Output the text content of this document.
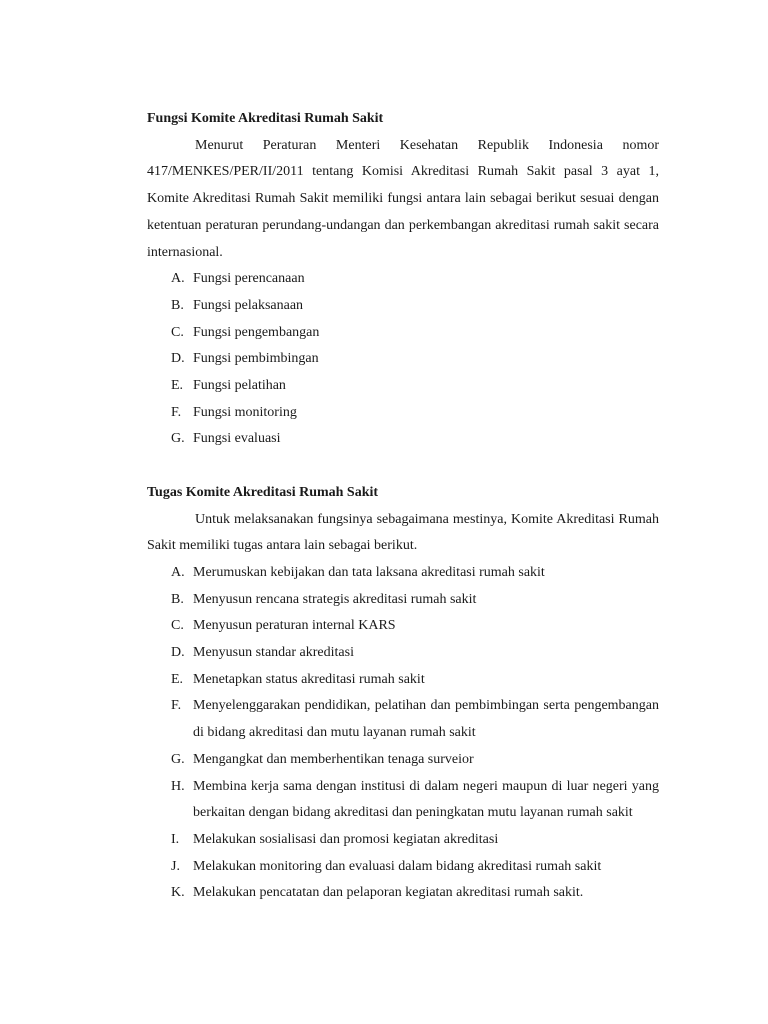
Fungsi Komite Akreditasi Rumah Sakit

Menurut Peraturan Menteri Kesehatan Republik Indonesia nomor 417/MENKES/PER/II/2011 tentang Komisi Akreditasi Rumah Sakit pasal 3 ayat 1, Komite Akreditasi Rumah Sakit memiliki fungsi antara lain sebagai berikut sesuai dengan ketentuan peraturan perundang-undangan dan perkembangan akreditasi rumah sakit secara internasional.

A. Fungsi perencanaan
B. Fungsi pelaksanaan
C. Fungsi pengembangan
D. Fungsi pembimbingan
E. Fungsi pelatihan
F. Fungsi monitoring
G. Fungsi evaluasi
Tugas Komite Akreditasi Rumah Sakit

Untuk melaksanakan fungsinya sebagaimana mestinya, Komite Akreditasi Rumah Sakit memiliki tugas antara lain sebagai berikut.

A. Merumuskan kebijakan dan tata laksana akreditasi rumah sakit
B. Menyusun rencana strategis akreditasi rumah sakit
C. Menyusun peraturan internal KARS
D. Menyusun standar akreditasi
E. Menetapkan status akreditasi rumah sakit
F. Menyelenggarakan pendidikan, pelatihan dan pembimbingan serta pengembangan di bidang akreditasi dan mutu layanan rumah sakit
G. Mengangkat dan memberhentikan tenaga surveior
H. Membina kerja sama dengan institusi di dalam negeri maupun di luar negeri yang berkaitan dengan bidang akreditasi dan peningkatan mutu layanan rumah sakit
I. Melakukan sosialisasi dan promosi kegiatan akreditasi
J. Melakukan monitoring dan evaluasi dalam bidang akreditasi rumah sakit
K. Melakukan pencatatan dan pelaporan kegiatan akreditasi rumah sakit.
